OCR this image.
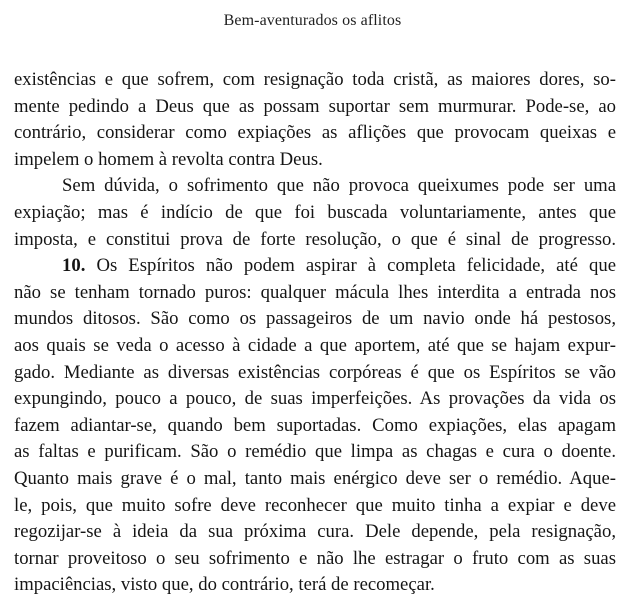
Bem-aventurados os aflitos
existências e que sofrem, com resignação toda cristã, as maiores dores, so-
mente pedindo a Deus que as possam suportar sem murmurar. Pode-se, ao
contrário, considerar como expiações as aflições que provocam queixas e
impelem o homem à revolta contra Deus.
Sem dúvida, o sofrimento que não provoca queixumes pode ser uma
expiação; mas é indício de que foi buscada voluntariamente, antes que
imposta, e constitui prova de forte resolução, o que é sinal de progresso.
10. Os Espíritos não podem aspirar à completa felicidade, até que
não se tenham tornado puros: qualquer mácula lhes interdita a entrada nos
mundos ditosos. São como os passageiros de um navio onde há pestosos,
aos quais se veda o acesso à cidade a que aportem, até que se hajam expur-
gado. Mediante as diversas existências corpóreas é que os Espíritos se vão
expungindo, pouco a pouco, de suas imperfeições. As provações da vida os
fazem adiantar-se, quando bem suportadas. Como expiações, elas apagam
as faltas e purificam. São o remédio que limpa as chagas e cura o doente.
Quanto mais grave é o mal, tanto mais enérgico deve ser o remédio. Aque-
le, pois, que muito sofre deve reconhecer que muito tinha a expiar e deve
regozijar-se à ideia da sua próxima cura. Dele depende, pela resignação,
tornar proveitoso o seu sofrimento e não lhe estragar o fruto com as suas
impaciências, visto que, do contrário, terá de recomeçar.
